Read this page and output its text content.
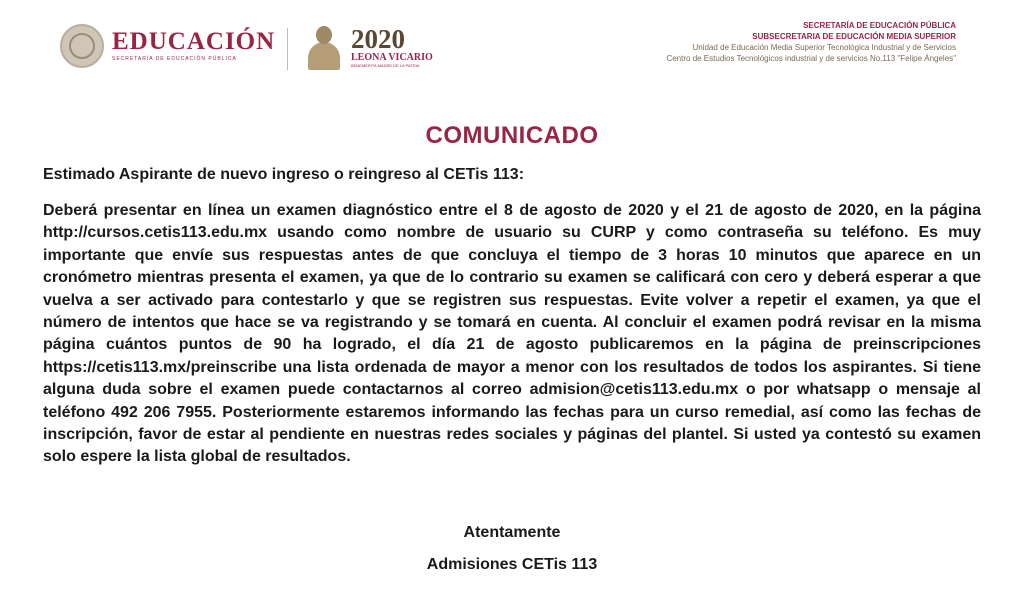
EDUCACIÓN
SECRETARÍA DE EDUCACIÓN PÚBLICA
2020
LEONA VICARIO
BENEMÉRITA MADRE DE LA PATRIA
SECRETARÍA DE EDUCACIÓN PÚBLICA
SUBSECRETARIA DE EDUCACIÓN MEDIA SUPERIOR
Unidad de Educación Media Superior Tecnológica Industrial y de Servicios
Centro de Estudios Tecnológicos industrial y de servicios No.113 "Felipe Ángeles"
COMUNICADO
Estimado Aspirante de nuevo ingreso o reingreso al CETis 113:
Deberá presentar en línea un examen diagnóstico entre el 8 de agosto de 2020 y el 21 de agosto de 2020, en la página http://cursos.cetis113.edu.mx usando como nombre de usuario su CURP y como contraseña su teléfono. Es muy importante que envíe sus respuestas antes de que concluya el tiempo de 3 horas 10 minutos que aparece en un cronómetro mientras presenta el examen, ya que de lo contrario su examen se calificará con cero y deberá esperar a que vuelva a ser activado para contestarlo y que se registren sus respuestas. Evite volver a repetir el examen, ya que el número de intentos que hace se va registrando y se tomará en cuenta. Al concluir el examen podrá revisar en la misma página cuántos puntos de 90 ha logrado, el día 21 de agosto publicaremos en la página de preinscripciones https://cetis113.mx/preinscribe una lista ordenada de mayor a menor con los resultados de todos los aspirantes. Si tiene alguna duda sobre el examen puede contactarnos al correo admision@cetis113.edu.mx o por whatsapp o mensaje al teléfono 492 206 7955. Posteriormente estaremos informando las fechas para un curso remedial, así como las fechas de inscripción, favor de estar al pendiente en nuestras redes sociales y páginas del plantel. Si usted ya contestó su examen solo espere la lista global de resultados.
Atentamente
Admisiones CETis 113
